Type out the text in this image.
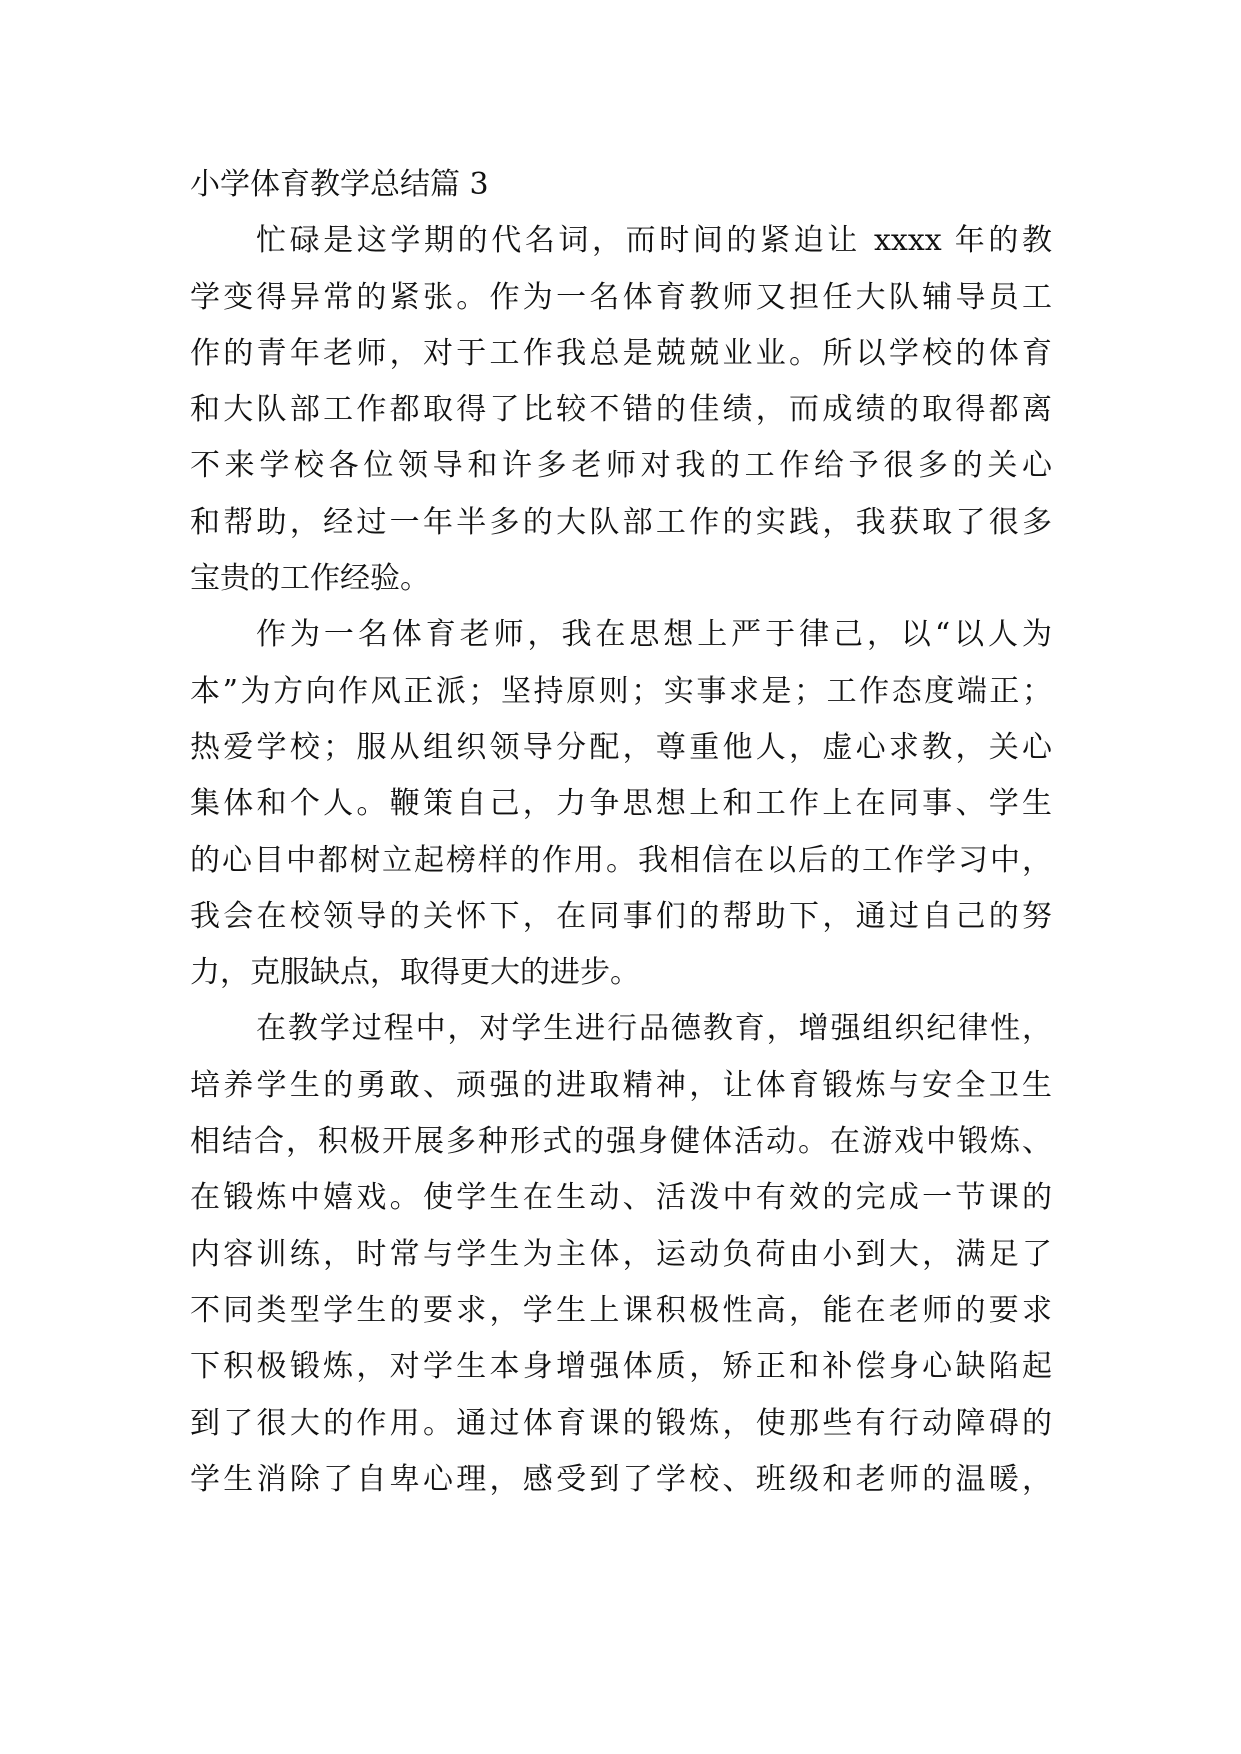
小学体育教学总结篇 3
忙碌是这学期的代名词，而时间的紧迫让 xxxx 年的教
学变得异常的紧张。作为一名体育教师又担任大队辅导员工
作的青年老师，对于工作我总是兢兢业业。所以学校的体育
和大队部工作都取得了比较不错的佳绩，而成绩的取得都离
不来学校各位领导和许多老师对我的工作给予很多的关心
和帮助，经过一年半多的大队部工作的实践，我获取了很多
宝贵的工作经验。
作为一名体育老师，我在思想上严于律己，以“以人为
本”为方向作风正派；坚持原则；实事求是；工作态度端正；
热爱学校；服从组织领导分配，尊重他人，虚心求教，关心
集体和个人。鞭策自己，力争思想上和工作上在同事、学生
的心目中都树立起榜样的作用。我相信在以后的工作学习中，
我会在校领导的关怀下，在同事们的帮助下，通过自己的努
力，克服缺点，取得更大的进步。
在教学过程中，对学生进行品德教育，增强组织纪律性，
培养学生的勇敢、顽强的进取精神，让体育锻炼与安全卫生
相结合，积极开展多种形式的强身健体活动。在游戏中锻炼、
在锻炼中嬉戏。使学生在生动、活泼中有效的完成一节课的
内容训练，时常与学生为主体，运动负荷由小到大，满足了
不同类型学生的要求，学生上课积极性高，能在老师的要求
下积极锻炼，对学生本身增强体质，矫正和补偿身心缺陷起
到了很大的作用。通过体育课的锻炼，使那些有行动障碍的
学生消除了自卑心理，感受到了学校、班级和老师的温暖，
